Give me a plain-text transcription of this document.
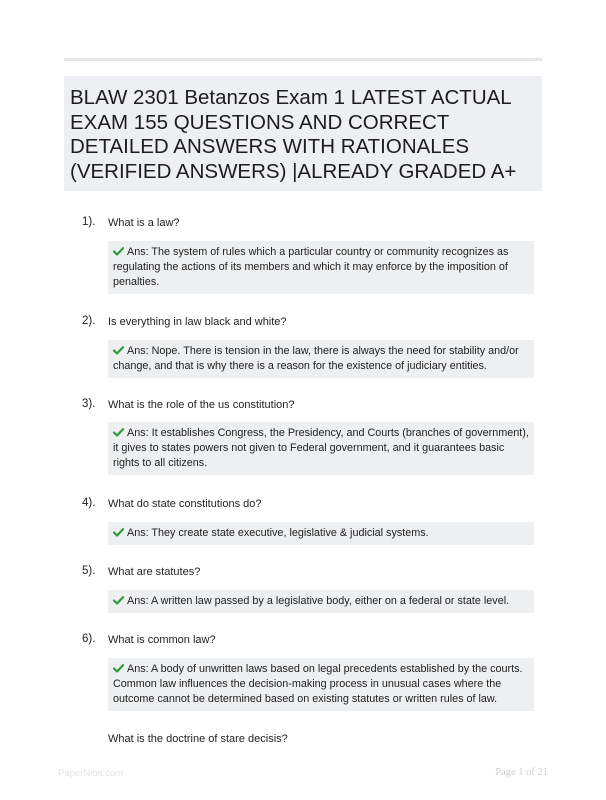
BLAW 2301 Betanzos Exam 1 LATEST ACTUAL
EXAM 155 QUESTIONS AND CORRECT
DETAILED ANSWERS WITH RATIONALES
(VERIFIED ANSWERS) |ALREADY GRADED A+
1). What is a law?
Ans: The system of rules which a particular country or community recognizes as regulating the actions of its members and which it may enforce by the imposition of penalties.
2). Is everything in law black and white?
Ans: Nope. There is tension in the law, there is always the need for stability and/or change, and that is why there is a reason for the existence of judiciary entities.
3). What is the role of the us constitution?
Ans: It establishes Congress, the Presidency, and Courts (branches of government), it gives to states powers not given to Federal government, and it guarantees basic rights to all citizens.
4). What do state constitutions do?
Ans: They create state executive, legislative & judicial systems.
5). What are statutes?
Ans: A written law passed by a legislative body, either on a federal or state level.
6). What is common law?
Ans: A body of unwritten laws based on legal precedents established by the courts. Common law influences the decision-making process in unusual cases where the outcome cannot be determined based on existing statutes or written rules of law.
What is the doctrine of stare decisis?
PaperNibs.com	Page 1 of 21
